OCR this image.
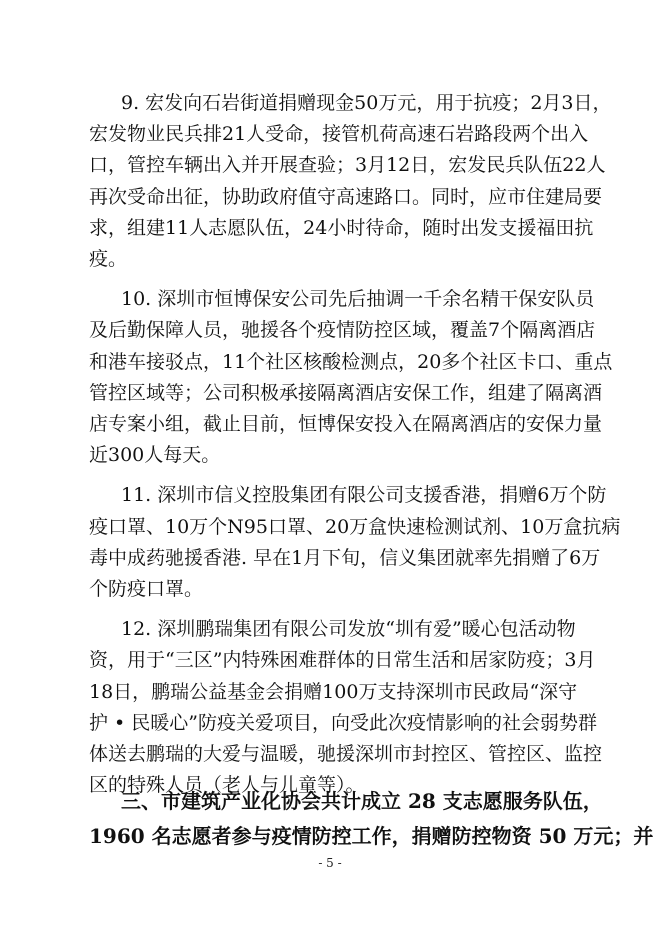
9. 宏发向石岩街道捐赠现金50万元，用于抗疫；2月3日，
宏发物业民兵排21人受命，接管机荷高速石岩路段两个出入
口，管控车辆出入并开展查验；3月12日，宏发民兵队伍22人
再次受命出征，协助政府值守高速路口。同时，应市住建局要
求，组建11人志愿队伍，24小时待命，随时出发支援福田抗
疫。
10. 深圳市恒博保安公司先后抽调一千余名精干保安队员
及后勤保障人员，驰援各个疫情防控区域，覆盖7个隔离酒店
和港车接驳点，11个社区核酸检测点，20多个社区卡口、重点
管控区域等；公司积极承接隔离酒店安保工作，组建了隔离酒
店专案小组，截止目前，恒博保安投入在隔离酒店的安保力量
近300人每天。
11. 深圳市信义控股集团有限公司支援香港，捐赠6万个防
疫口罩、10万个N95口罩、20万盒快速检测试剂、10万盒抗病
毒中成药驰援香港. 早在1月下旬，信义集团就率先捐赠了6万
个防疫口罩。
12. 深圳鹏瑞集团有限公司发放“圳有爱”暖心包活动物
资，用于“三区”内特殊困难群体的日常生活和居家防疫；3月
18日，鹏瑞公益基金会捐赠100万支持深圳市民政局“深守
护 • 民暖心”防疫关爱项目，向受此次疫情影响的社会弱势群
体送去鹏瑞的大爱与温暖，驰援深圳市封控区、管控区、监控
区的特殊人员（老人与儿童等）。
三、市建筑产业化协会共计成立 28 支志愿服务队伍，
1960 名志愿者参与疫情防控工作，捐赠防控物资 50 万元；并
- 5 -
